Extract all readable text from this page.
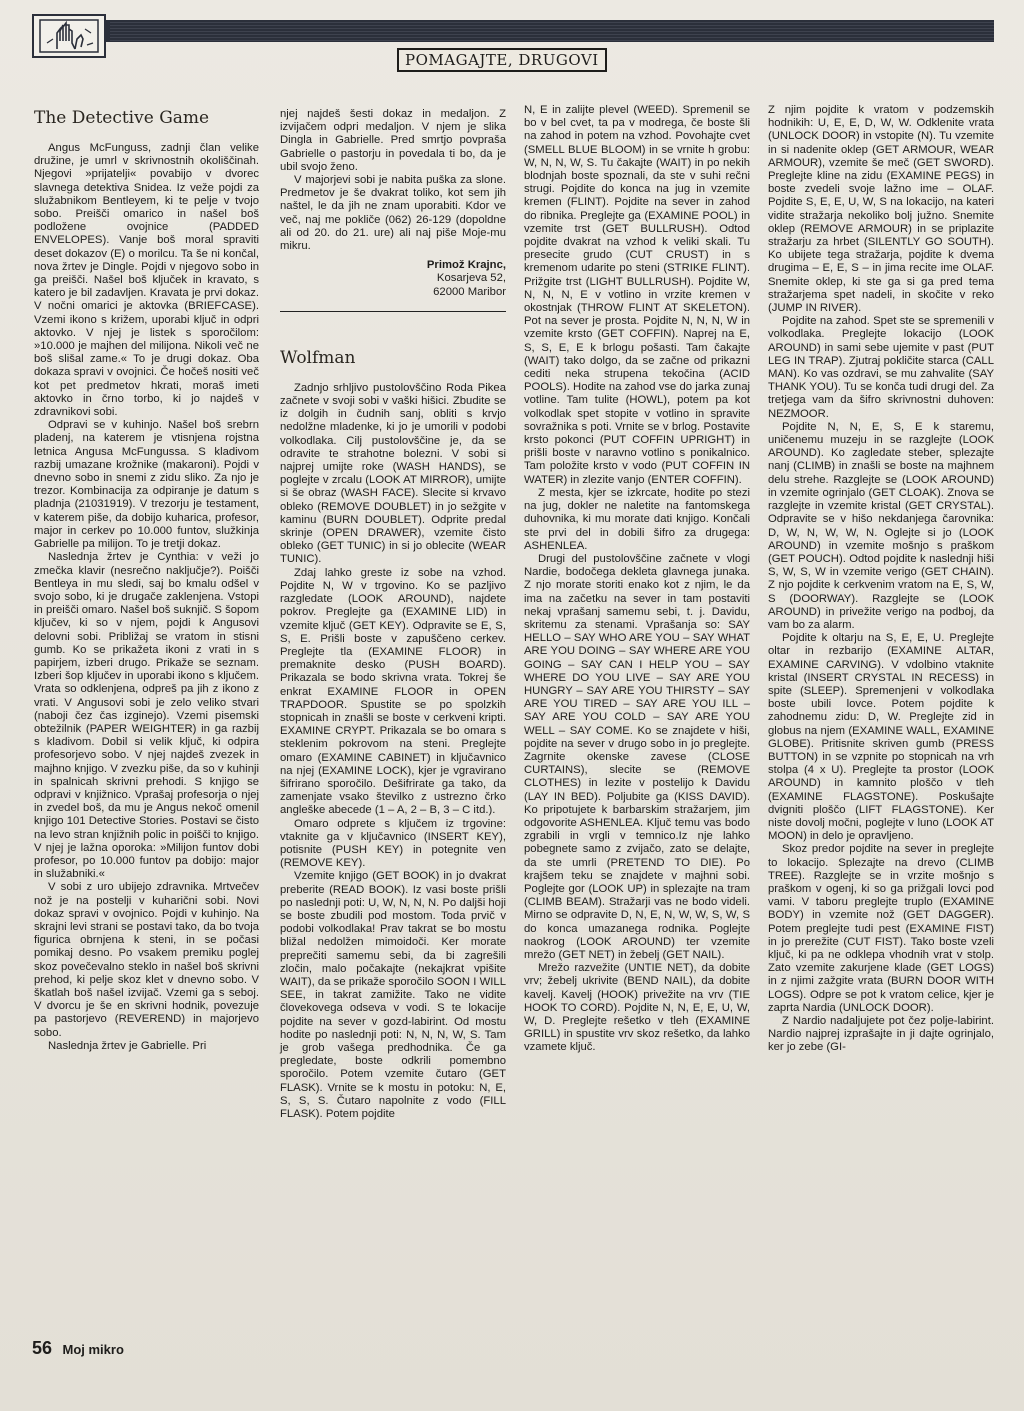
POMAGAJTE, DRUGOVI
The Detective Game

Angus McFunguss, zadnji član velike družine, je umrl v skrivnostnih okoliščinah. Njegovi »prijatelji« povabijo v dvorec slavnega detektiva Snidea. Iz veže pojdi za služabnikom Bentleyem, ki te pelje v tvojo sobo. Preišči omarico in našel boš podložene ovojnice (PADDED ENVELOPES). Vanje boš moral spraviti deset dokazov (E) o morilcu. Ta še ni končal, nova žrtev je Dingle. Pojdi v njegovo sobo in ga preišči. Našel boš ključek in kravato, s katero je bil zadavljen. Kravata je prvi dokaz. V nočni omarici je aktovka (BRIEFCASE). Vzemi ikono s križem, uporabi ključ in odpri aktovko. V njej je listek s sporočilom: »10.000 je majhen del milijona. Nikoli več ne boš slišal zame.« To je drugi dokaz. Oba dokaza spravi v ovojnici. Če hočeš nositi več kot pet predmetov hkrati, moraš imeti aktovko in črno torbo, ki jo najdeš v zdravnikovi sobi.

Odpravi se v kuhinjo. Našel boš srebrn pladenj, na katerem je vtisnjena rojstna letnica Angusa McFungussa. S kladivom razbij umazane krožnike (makaroni). Pojdi v dnevno sobo in snemi z zidu sliko. Za njo je trezor. Kombinacija za odpiranje je datum s pladnja (21031919). V trezorju je testament, v katerem piše, da dobijo kuharica, profesor, major in cerkev po 10.000 funtov, služkinja Gabrielle pa milijon. To je tretji dokaz.

Naslednja žrtev je Cynthia: v veži jo zmečka klavir (nesrečno naključje?). Poišči Bentleya in mu sledi, saj bo kmalu odšel v svojo sobo, ki je drugače zaklenjena. Vstopi in preišči omaro. Našel boš suknjič. S šopom ključev, ki so v njem, pojdi k Angusovi delovni sobi. Približaj se vratom in stisni gumb. Ko se prikažeta ikoni z vrati in s papirjem, izberi drugo. Prikaže se seznam. Izberi šop ključev in uporabi ikono s ključem. Vrata so odklenjena, odpreš pa jih z ikono z vrati. V Angusovi sobi je zelo veliko stvari (naboji čez čas izginejo). Vzemi pisemski obtežilnik (PAPER WEIGHTER) in ga razbij s kladivom. Dobil si velik ključ, ki odpira profesorjevo sobo. V njej najdeš zvezek in majhno knjigo. V zvezku piše, da so v kuhinji in spalnicah skrivni prehodi. S knjigo se odpravi v knjižnico. Vprašaj profesorja o njej in zvedel boš, da mu je Angus nekoč omenil knjigo 101 Detective Stories. Postavi se čisto na levo stran knjižnih polic in poišči to knjigo. V njej je lažna oporoka: »Milijon funtov dobi profesor, po 10.000 funtov pa dobijo: major in služabniki.«

V sobi z uro ubijejo zdravnika. Mrtvečev nož je na postelji v kuharični sobi. Novi dokaz spravi v ovojnico. Pojdi v kuhinjo. Na skrajni levi strani se postavi tako, da bo tvoja figurica obrnjena k steni, in se počasi pomikaj desno. Po vsakem premiku poglej skoz povečevalno steklo in našel boš skrivni prehod, ki pelje skoz klet v dnevno sobo. V škatlah boš našel izvijač. Vzemi ga s seboj. V dvorcu je še en skrivni hodnik, povezuje pa pastorjevo (REVEREND) in majorjevo sobo.

Naslednja žrtev je Gabrielle. Pri

njej najdeš šesti dokaz in medaljon. Z izvijačem odpri medaljon. V njem je slika Dingla in Gabrielle. Pred smrtjo povpraša Gabrielle o pastorju in povedala ti bo, da je ubil svojo ženo.

V majorjevi sobi je nabita puška za slone. Predmetov je še dvakrat toliko, kot sem jih naštel, le da jih ne znam uporabiti. Kdor ve več, naj me pokliče (062) 26-129 (dopoldne ali od 20. do 21. ure) ali naj piše Moje-mu mikru.

Primož Krajnc,

Kosarjeva 52,

62000 Maribor

Wolfman

Zadnjo srhljivo pustolovščino Roda Pikea začnete v svoji sobi v vaški hišici. Zbudite se iz dolgih in čudnih sanj, obliti s krvjo nedolžne mladenke, ki jo je umorili v podobi volkodlaka. Cilj pustolovščine je, da se odravite te strahotne bolezni. V sobi si najprej umijte roke (WASH HANDS), se poglejte v zrcalu (LOOK AT MIRROR), umijte si še obraz (WASH FACE). Slecite si krvavo obleko (REMOVE DOUBLET) in jo sežgite v kaminu (BURN DOUBLET). Odprite predal skrinje (OPEN DRAWER), vzemite čisto obleko (GET TUNIC) in si jo oblecite (WEAR TUNIC).

Zdaj lahko greste iz sobe na vzhod. Pojdite N, W v trgovino. Ko se pazljivo razgledate (LOOK AROUND), najdete pokrov. Preglejte ga (EXAMINE LID) in vzemite ključ (GET KEY). Odpravite se E, S, S, E. Prišli boste v zapuščeno cerkev. Preglejte tla (EXAMINE FLOOR) in premaknite desko (PUSH BOARD). Prikazala se bodo skrivna vrata. Tokrej še enkrat EXAMINE FLOOR in OPEN TRAPDOOR. Spustite se po spolzkih stopnicah in znašli se boste v cerkveni kripti. EXAMINE CRYPT. Prikazala se bo omara s steklenim pokrovom na steni. Preglejte omaro (EXAMINE CABINET) in ključavnico na njej (EXAMINE LOCK), kjer je vgravirano šifrirano sporočilo. Dešifrirate ga tako, da zamenjate vsako številko z ustrezno črko angleške abecede (1 – A, 2 – B, 3 – C itd.).

Omaro odprete s ključem iz trgovine: vtaknite ga v ključavnico (INSERT KEY), potisnite (PUSH KEY) in potegnite ven (REMOVE KEY).

Vzemite knjigo (GET BOOK) in jo dvakrat preberite (READ BOOK). Iz vasi boste prišli po naslednji poti: U, W, N, N, N. Po daljši hoji se boste zbudili pod mostom. Toda prvič v podobi volkodlaka! Prav takrat se bo mostu bližal nedolžen mimoidoči. Ker morate preprečiti samemu sebi, da bi zagrešili zločin, malo počakajte (nekajkrat vpišite WAIT), da se prikaže sporočilo SOON I WILL SEE, in takrat zamižite. Tako ne vidite človekovega odseva v vodi. S te lokacije pojdite na sever v gozd-labirint. Od mostu hodite po naslednji poti: N, N, N, W, S. Tam je grob vašega predhodnika. Če ga pregledate, boste odkrili pomembno sporočilo. Potem vzemite čutaro (GET FLASK). Vrnite se k mostu in potoku: N, E, S, S, S. Čutaro napolnite z vodo (FILL FLASK). Potem pojdite

N, E in zalijte plevel (WEED). Spremenil se bo v bel cvet, ta pa v modrega, če boste šli na zahod in potem na vzhod. Povohajte cvet (SMELL BLUE BLOOM) in se vrnite h grobu: W, N, N, W, S. Tu čakajte (WAIT) in po nekih blodnjah boste spoznali, da ste v suhi rečni strugi. Pojdite do konca na jug in vzemite kremen (FLINT). Pojdite na sever in zahod do ribnika. Preglejte ga (EXAMINE POOL) in vzemite trst (GET BULLRUSH). Odtod pojdite dvakrat na vzhod k veliki skali. Tu presecite grudo (CUT CRUST) in s kremenom udarite po steni (STRIKE FLINT). Prižgite trst (LIGHT BULLRUSH). Pojdite W, N, N, N, E v votlino in vrzite kremen v okostnjak (THROW FLINT AT SKELETON). Pot na sever je prosta. Pojdite N, N, N, W in vzemite krsto (GET COFFIN). Naprej na E, S, S, E, E k brlogu pošasti. Tam čakajte (WAIT) tako dolgo, da se začne od prikazni cediti neka strupena tekočina (ACID POOLS). Hodite na zahod vse do jarka zunaj votline. Tam tulite (HOWL), potem pa kot volkodlak spet stopite v votlino in spravite sovražnika s poti. Vrnite se v brlog. Postavite krsto pokonci (PUT COFFIN UPRIGHT) in prišli boste v naravno votlino s ponikalnico. Tam položite krsto v vodo (PUT COFFIN IN WATER) in zlezite vanjo (ENTER COFFIN).

Z mesta, kjer se izkrcate, hodite po stezi na jug, dokler ne naletite na fantomskega duhovnika, ki mu morate dati knjigo. Končali ste prvi del in dobili šifro za drugega: ASHENLEA.

Drugi del pustolovščine začnete v vlogi Nardie, bodočega dekleta glavnega junaka. Z njo morate storiti enako kot z njim, le da ima na začetku na sever in tam postaviti nekaj vprašanj samemu sebi, t. j. Davidu, skritemu za stenami. Vprašanja so: SAY HELLO – SAY WHO ARE YOU – SAY WHAT ARE YOU DOING – SAY WHERE ARE YOU GOING – SAY CAN I HELP YOU – SAY WHERE DO YOU LIVE – SAY ARE YOU HUNGRY – SAY ARE YOU THIRSTY – SAY ARE YOU TIRED – SAY ARE YOU ILL – SAY ARE YOU COLD – SAY ARE YOU WELL – SAY COME. Ko se znajdete v hiši, pojdite na sever v drugo sobo in jo preglejte. Zagrnite okenske zavese (CLOSE CURTAINS), slecite se (REMOVE CLOTHES) in lezite v postelijo k Davidu (LAY IN BED). Poljubite ga (KISS DAVID). Ko pripotujete k barbarskim stražarjem, jim odgovorite ASHENLEA. Ključ temu vas bodo zgrabili in vrgli v temnico.Iz nje lahko pobegnete samo z zvijačo, zato se delajte, da ste umrli (PRETEND TO DIE). Po krajšem teku se znajdete v majhni sobi. Poglejte gor (LOOK UP) in splezajte na tram (CLIMB BEAM). Stražarji vas ne bodo videli. Mirno se odpravite D, N, E, N, W, W, S, W, S do konca umazanega rodnika. Poglejte naokrog (LOOK AROUND) ter vzemite mrežo (GET NET) in žebelj (GET NAIL).

Mrežo razvežite (UNTIE NET), da dobite vrv; žebelj ukrivite (BEND NAIL), da dobite kavelj. Kavelj (HOOK) privežite na vrv (TIE HOOK TO CORD). Pojdite N, N, E, E, U, W, W, D. Preglejte rešetko v tleh (EXAMINE GRILL) in spustite vrv skoz rešetko, da lahko vzamete ključ.

Z njim pojdite k vratom v podzemskih hodnikih: U, E, E, D, W, W. Odklenite vrata (UNLOCK DOOR) in vstopite (N). Tu vzemite in si nadenite oklep (GET ARMOUR, WEAR ARMOUR), vzemite še meč (GET SWORD). Preglejte kline na zidu (EXAMINE PEGS) in boste zvedeli svoje lažno ime – OLAF. Pojdite S, E, E, U, W, S na lokacijo, na kateri vidite stražarja nekoliko bolj južno. Snemite oklep (REMOVE ARMOUR) in se priplazite stražarju za hrbet (SILENTLY GO SOUTH). Ko ubijete tega stražarja, pojdite k dvema drugima – E, E, S – in jima recite ime OLAF. Snemite oklep, ki ste ga si ga pred tema stražarjema spet nadeli, in skočite v reko (JUMP IN RIVER).

Pojdite na zahod. Spet ste se spremenili v volkodlaka. Preglejte lokacijo (LOOK AROUND) in sami sebe ujemite v past (PUT LEG IN TRAP). Zjutraj pokličite starca (CALL MAN). Ko vas ozdravi, se mu zahvalite (SAY THANK YOU). Tu se konča tudi drugi del. Za tretjega vam da šifro skrivnostni duhoven: NEZMOOR.

Pojdite N, N, E, S, E k staremu, uničenemu muzeju in se razglejte (LOOK AROUND). Ko zagledate steber, splezajte nanj (CLIMB) in znašli se boste na majhnem delu strehe. Razglejte se (LOOK AROUND) in vzemite ogrinjalo (GET CLOAK). Znova se razglejte in vzemite kristal (GET CRYSTAL). Odpravite se v hišo nekdanjega čarovnika: D, W, N, W, W, N. Oglejte si jo (LOOK AROUND) in vzemite mošnjo s praškom (GET POUCH). Odtod pojdite k naslednji hiši S, W, S, W in vzemite verigo (GET CHAIN). Z njo pojdite k cerkvenim vratom na E, S, W, S (DOORWAY). Razglejte se (LOOK AROUND) in privežite verigo na podboj, da vam bo za alarm.

Pojdite k oltarju na S, E, E, U. Preglejte oltar in rezbarijo (EXAMINE ALTAR, EXAMINE CARVING). V vdolbino vtaknite kristal (INSERT CRYSTAL IN RECESS) in spite (SLEEP). Spremenjeni v volkodlaka boste ubili lovce. Potem pojdite k zahodnemu zidu: D, W. Preglejte zid in globus na njem (EXAMINE WALL, EXAMINE GLOBE). Pritisnite skriven gumb (PRESS BUTTON) in se vzpnite po stopnicah na vrh stolpa (4 x U). Preglejte ta prostor (LOOK AROUND) in kamnito ploščo v tleh (EXAMINE FLAGSTONE). Poskušajte dvigniti ploščo (LIFT FLAGSTONE). Ker niste dovolj močni, poglejte v luno (LOOK AT MOON) in delo je opravljeno.

Skoz predor pojdite na sever in preglejte to lokacijo. Splezajte na drevo (CLIMB TREE). Razglejte se in vrzite mošnjo s praškom v ogenj, ki so ga prižgali lovci pod vami. V taboru preglejte truplo (EXAMINE BODY) in vzemite nož (GET DAGGER). Potem preglejte tudi pest (EXAMINE FIST) in jo prerežite (CUT FIST). Tako boste vzeli ključ, ki pa ne odklepa vhodnih vrat v stolp. Zato vzemite zakurjene klade (GET LOGS) in z njimi zažgite vrata (BURN DOOR WITH LOGS). Odpre se pot k vratom celice, kjer je zaprta Nardia (UNLOCK DOOR).

Z Nardio nadaljujete pot čez polje-labirint. Nardio najprej izprašajte in ji dajte ogrinjalo, ker jo zebe (GI-

56 Moj mikro
